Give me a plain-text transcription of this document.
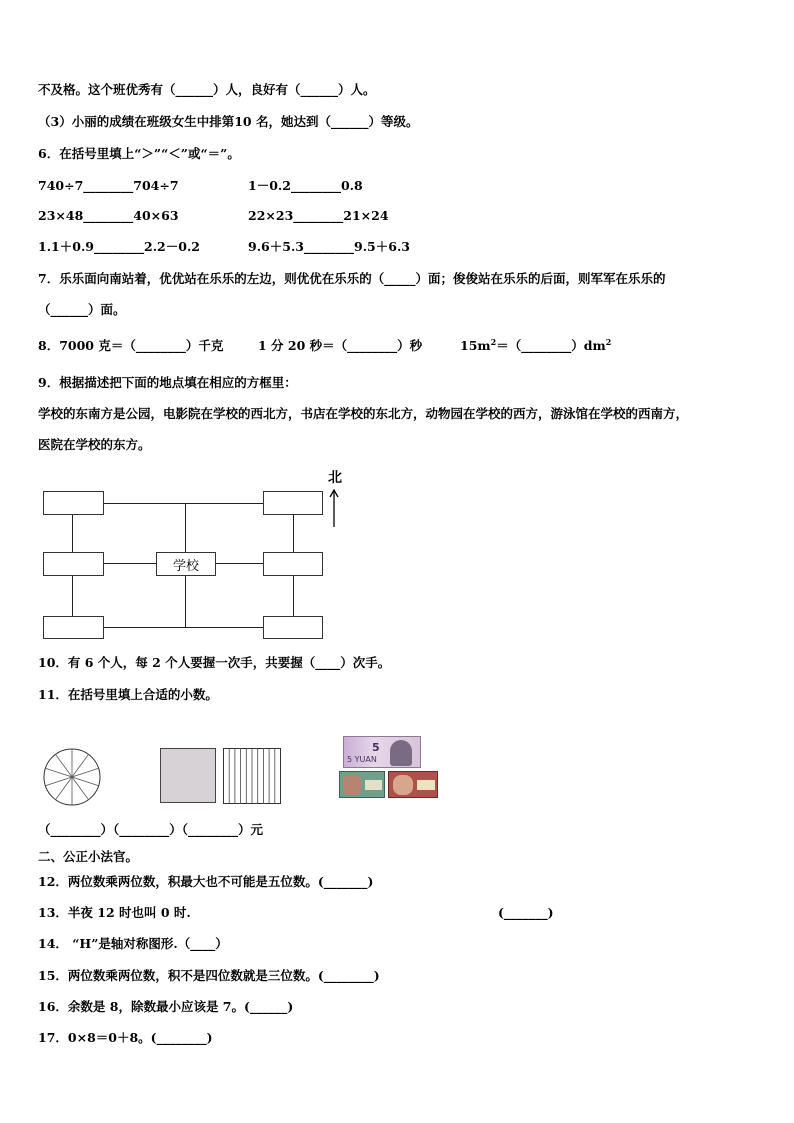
不及格。这个班优秀有（______）人，良好有（______）人。
（3）小丽的成绩在班级女生中排第10 名，她达到（______）等级。
6．在括号里填上“＞”“＜”或“＝”。
740÷7________704÷7	1－0.2________0.8
23×48________40×63	22×23________21×24
1.1＋0.9________2.2－0.2	9.6＋5.3________9.5＋6.3
7．乐乐面向南站着，优优站在乐乐的左边，则优优在乐乐的（_____）面；俊俊站在乐乐的后面，则军军在乐乐的
（______）面。
8．7000 克＝（________）千克	1 分 20 秒＝（________）秒	$15m^2=(\_\_\_\_\_\_\_\_)dm^2$
9．根据描述把下面的地点填在相应的方框里：
学校的东南方是公园，电影院在学校的西北方，书店在学校的东北方，动物园在学校的西方，游泳馆在学校的西南方，
医院在学校的东方。
学校
北
10．有 6 个人，每 2 个人要握一次手，共要握（____）次手。
11．在括号里填上合适的小数。
5
5 YUAN
（________）（________）（________）元
二、公正小法官。
12．两位数乘两位数，积最大也不可能是五位数。(_______)
13．半夜 12 时也叫 0 时.	(_______)
14． “H”是轴对称图形.（____）
15．两位数乘两位数，积不是四位数就是三位数。(________)
16．余数是 8，除数最小应该是 7。(______)
17．0×8＝0＋8。(________)
